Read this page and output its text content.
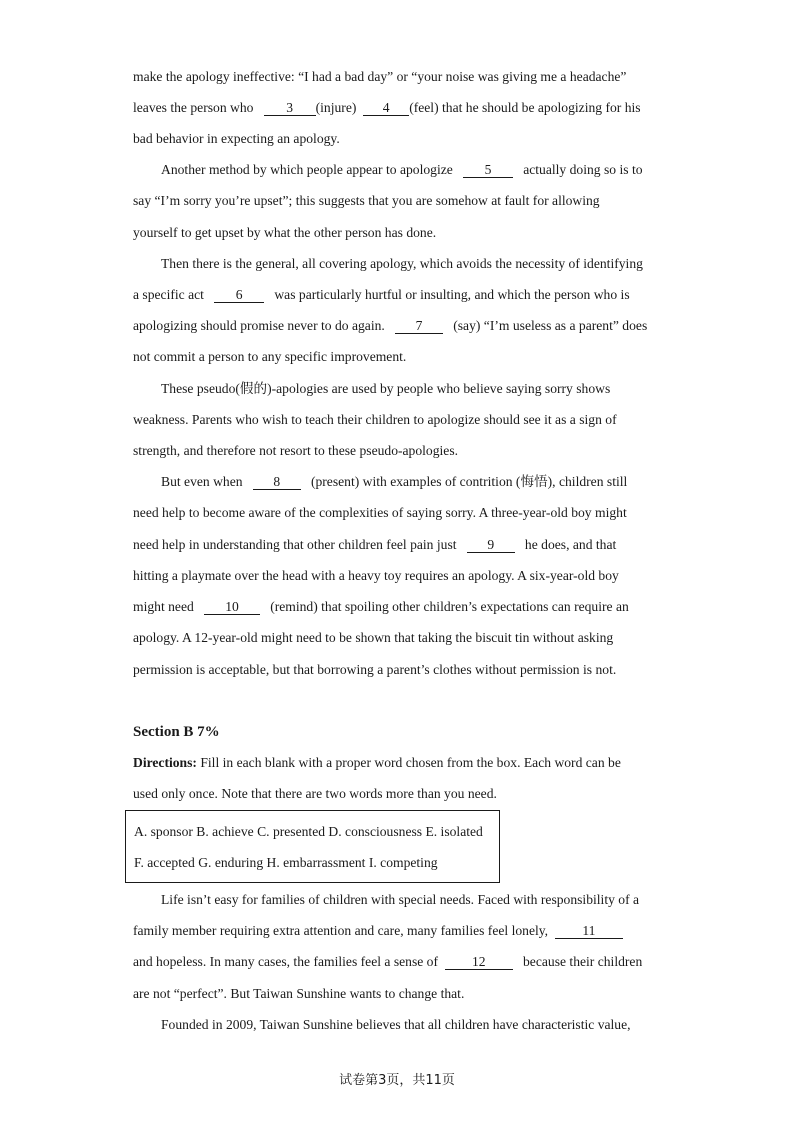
make the apology ineffective: “I had a bad day” or “your noise was giving me a headache”
leaves the person who 3 (injure) 4 (feel) that he should be apologizing for his
bad behavior in expecting an apology.
Another method by which people appear to apologize 5 actually doing so is to
say “I’m sorry you’re upset”; this suggests that you are somehow at fault for allowing
yourself to get upset by what the other person has done.
Then there is the general, all covering apology, which avoids the necessity of identifying
a specific act 6 was particularly hurtful or insulting, and which the person who is
apologizing should promise never to do again. 7 (say) “I’m useless as a parent” does
not commit a person to any specific improvement.
These pseudo(假的)-apologies are used by people who believe saying sorry shows
weakness. Parents who wish to teach their children to apologize should see it as a sign of
strength, and therefore not resort to these pseudo-apologies.
But even when 8 (present) with examples of contrition (悔悟), children still
need help to become aware of the complexities of saying sorry. A three-year-old boy might
need help in understanding that other children feel pain just 9 he does, and that
hitting a playmate over the head with a heavy toy requires an apology. A six-year-old boy
might need 10 (remind) that spoiling other children’s expectations can require an
apology. A 12-year-old might need to be shown that taking the biscuit tin without asking
permission is acceptable, but that borrowing a parent’s clothes without permission is not.
Section B 7%
Directions: Fill in each blank with a proper word chosen from the box. Each word can be
used only once. Note that there are two words more than you need.
A. sponsor B. achieve C. presented D. consciousness E. isolated
F. accepted G. enduring H. embarrassment I. competing
Life isn’t easy for families of children with special needs. Faced with responsibility of a
family member requiring extra attention and care, many families feel lonely,	11
and hopeless. In many cases, the families feel a sense of	12	because their children
are not “perfect”. But Taiwan Sunshine wants to change that.
Founded in 2009, Taiwan Sunshine believes that all children have characteristic value,
试卷第3页，共11页
